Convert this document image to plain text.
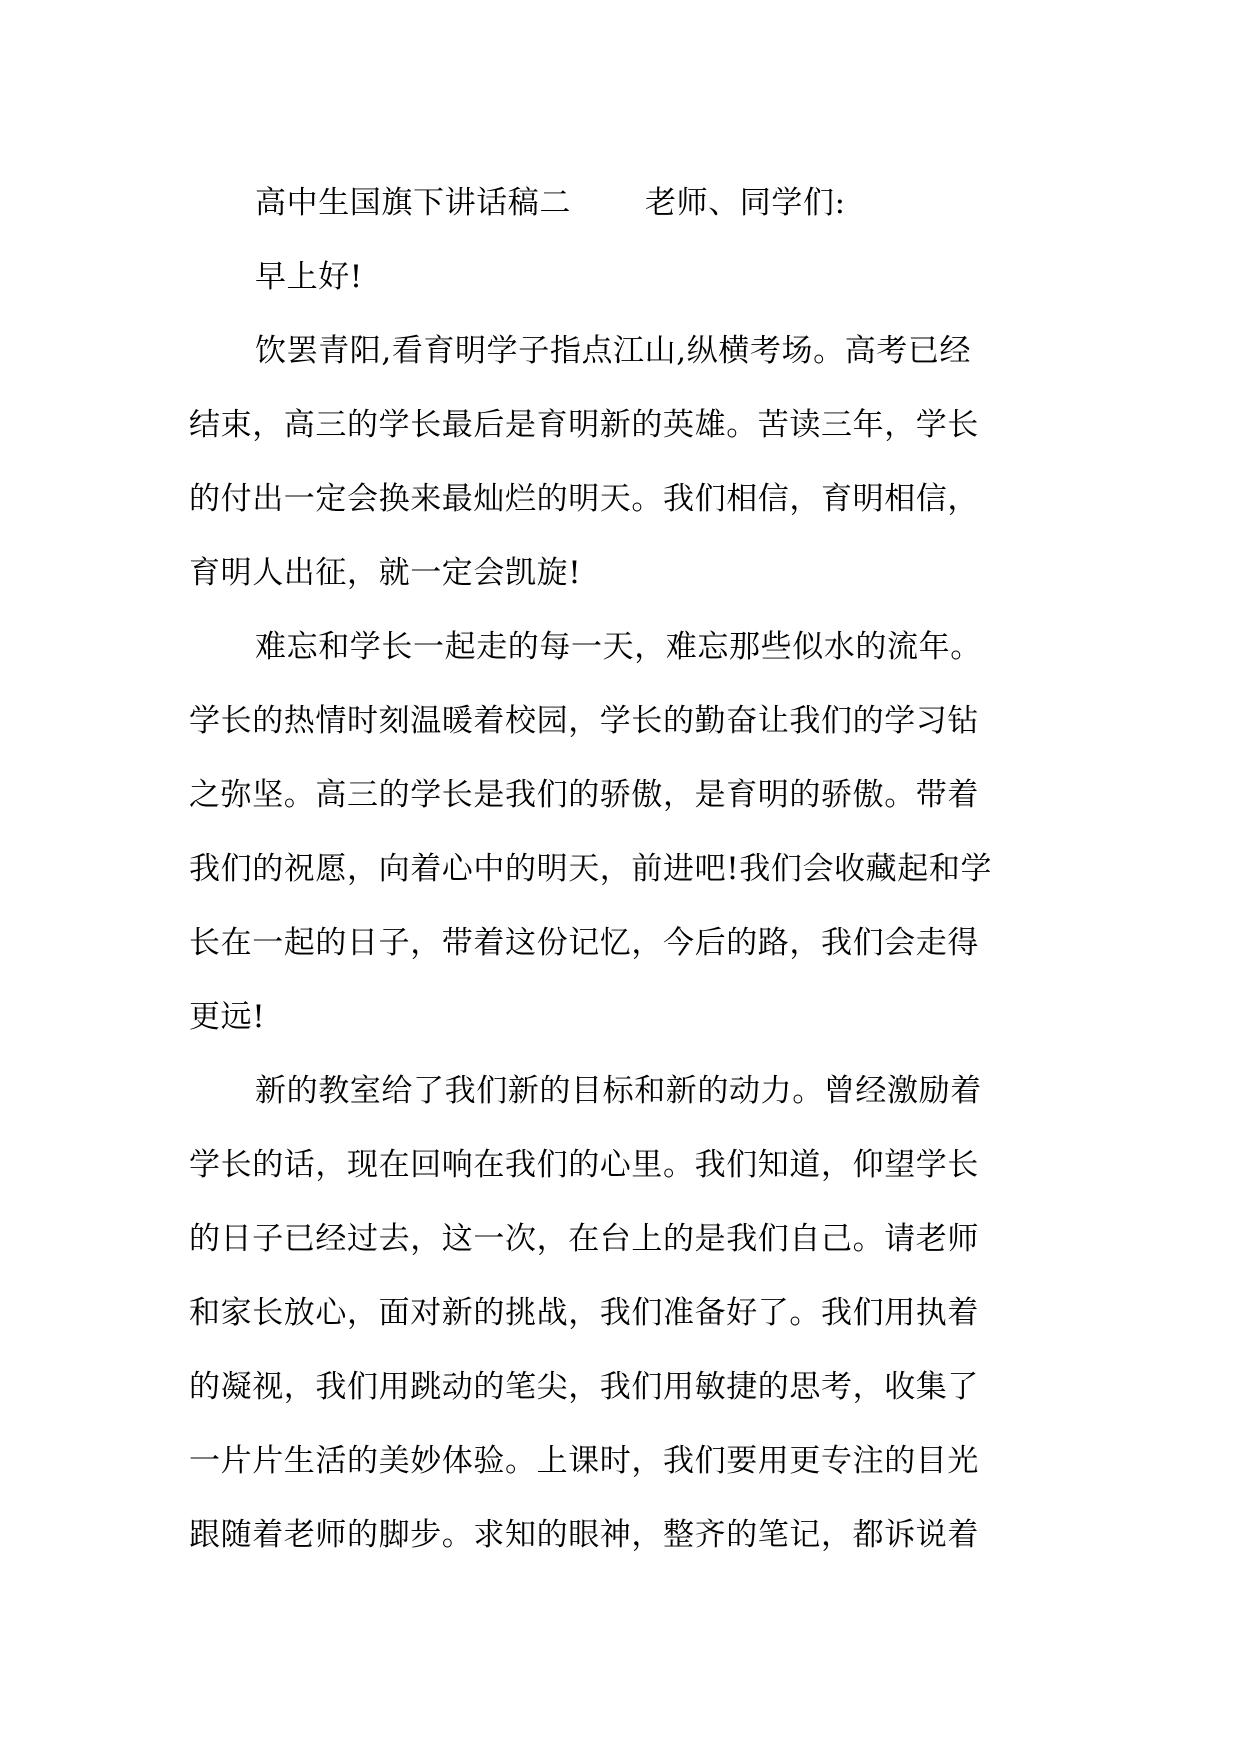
高中生国旗下讲话稿二 老师、同学们:
早上好!
饮罢青阳,看育明学子指点江山,纵横考场。高考已经
结束，高三的学长最后是育明新的英雄。苦读三年，学长
的付出一定会换来最灿烂的明天。我们相信，育明相信，
育明人出征，就一定会凯旋!
难忘和学长一起走的每一天，难忘那些似水的流年。
学长的热情时刻温暖着校园，学长的勤奋让我们的学习钻
之弥坚。高三的学长是我们的骄傲，是育明的骄傲。带着
我们的祝愿，向着心中的明天，前进吧!我们会收藏起和学
长在一起的日子，带着这份记忆，今后的路，我们会走得
更远!
新的教室给了我们新的目标和新的动力。曾经激励着
学长的话，现在回响在我们的心里。我们知道，仰望学长
的日子已经过去，这一次，在台上的是我们自己。请老师
和家长放心，面对新的挑战，我们准备好了。我们用执着
的凝视，我们用跳动的笔尖，我们用敏捷的思考，收集了
一片片生活的美妙体验。上课时，我们要用更专注的目光
跟随着老师的脚步。求知的眼神，整齐的笔记，都诉说着
